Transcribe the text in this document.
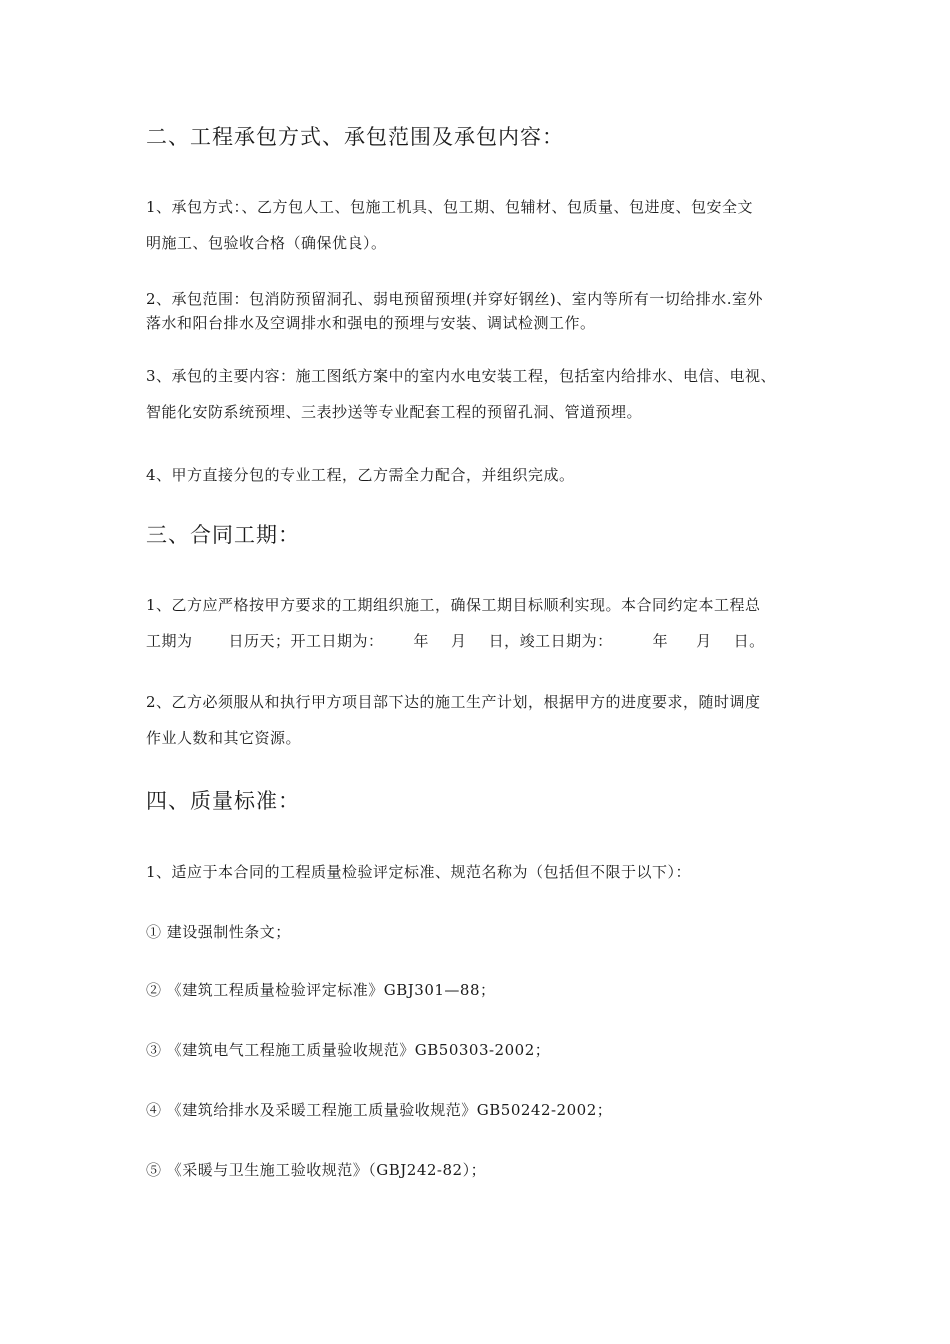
二、工程承包方式、承包范围及承包内容：
1、承包方式：、乙方包人工、包施工机具、包工期、包辅材、包质量、包进度、包安全文
明施工、包验收合格（确保优良）。
2、承包范围：包消防预留洞孔、弱电预留预埋(并穿好钢丝)、室内等所有一切给排水.室外
落水和阳台排水及空调排水和强电的预埋与安装、调试检测工作。
3、承包的主要内容：施工图纸方案中的室内水电安装工程，包括室内给排水、电信、电视、
智能化安防系统预埋、三表抄送等专业配套工程的预留孔洞、管道预埋。
4、甲方直接分包的专业工程，乙方需全力配合，并组织完成。
三、合同工期：
1、乙方应严格按甲方要求的工期组织施工，确保工期目标顺利实现。本合同约定本工程总
工期为 日历天；开工日期为： 年 月 日，竣工日期为：	年 月 日。
2、乙方必须服从和执行甲方项目部下达的施工生产计划，根据甲方的进度要求，随时调度
作业人数和其它资源。
四、质量标准：
1、适应于本合同的工程质量检验评定标准、规范名称为（包括但不限于以下）：
① 建设强制性条文；
② 《建筑工程质量检验评定标准》GBJ301—88；
③ 《建筑电气工程施工质量验收规范》GB50303-2002；
④ 《建筑给排水及采暖工程施工质量验收规范》GB50242-2002；
⑤ 《采暖与卫生施工验收规范》（GBJ242-82）；
